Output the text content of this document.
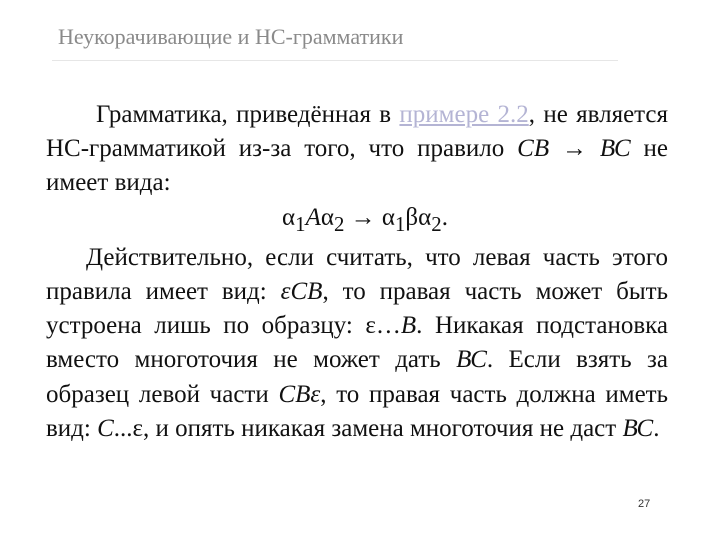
Неукорачивающие и НС-грамматики

Грамматика, приведённая в примере 2.2, не является НС-грамматикой из-за того, что правило СВ → ВС не имеет вида:

$\alpha_1A\alpha_2 \to \alpha_1\beta\alpha_2$.

Действительно, если считать, что левая часть этого правила имеет вид: εСВ, то правая часть может быть устроена лишь по образцу: ε…В. Никакая подстановка вместо многоточия не может дать ВС. Если взять за образец левой части СВε, то правая часть должна иметь вид: С...ε, и опять никакая замена многоточия не даст ВС.

27
